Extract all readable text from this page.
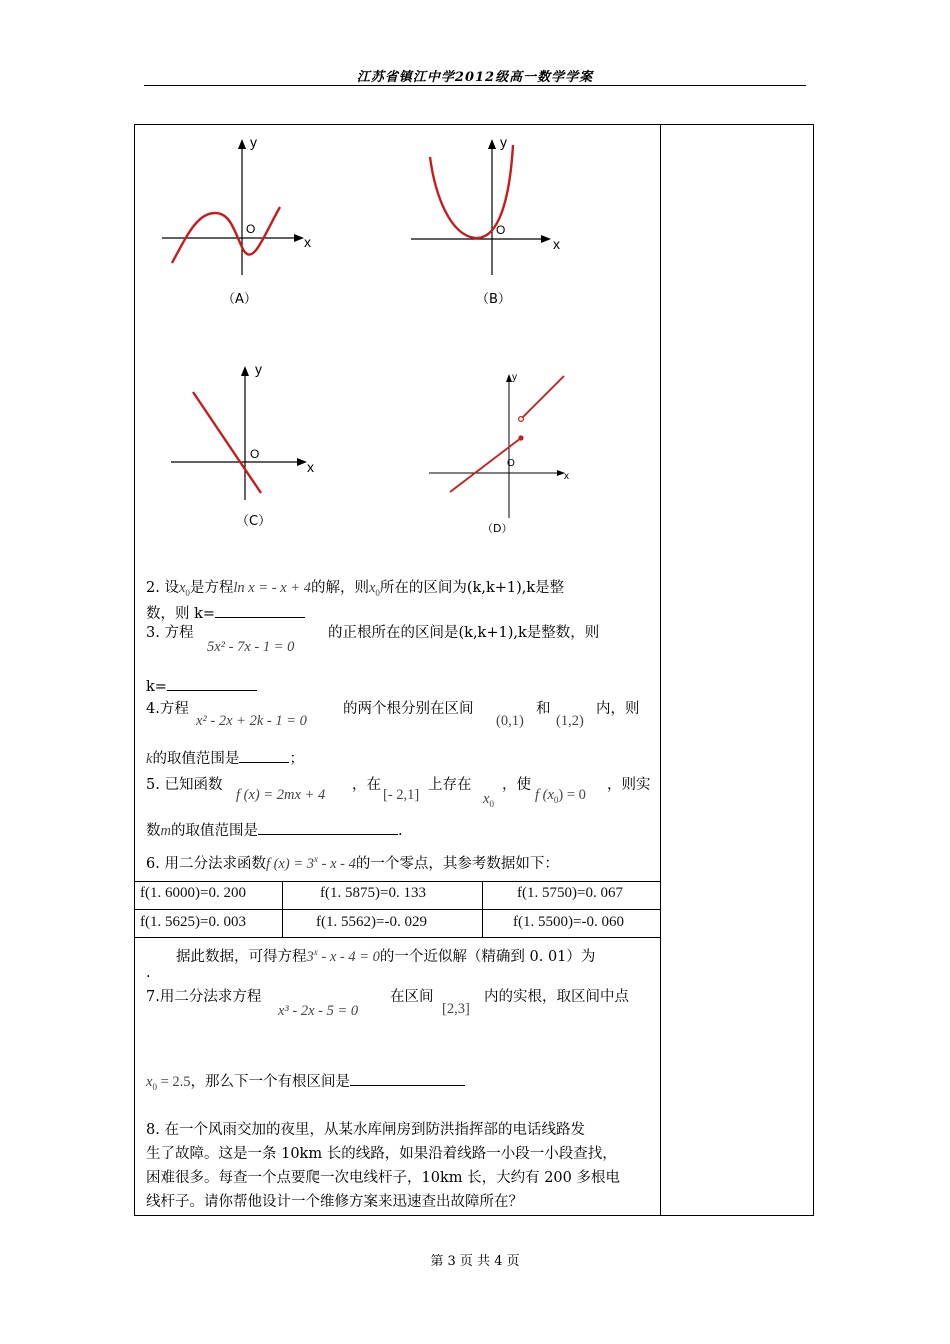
江苏省镇江中学2012级高一数学学案
y
x
O
（A）
y
x
O
（B）
y
x
O
（C）
y
x
O
（D）
2. 设$x_0$是方程ln x = - x + 4的解，则$x_0$所在的区间为(k,k+1),k是整
数，则 k=
3. 方程
5x² - 7x - 1 = 0
的正根所在的区间是(k,k+1),k是整数，则
k=
4.方程
x² - 2x + 2k - 1 = 0
的两个根分别在区间
(0,1)
和
(1,2)
内，则
k的取值范围是	；
5. 已知函数
f (x) = 2mx + 4
，在
[- 2,1]
上存在
$x_0$
，使
f $(x_0) = 0$
，则实
数m的取值范围是	.
6. 用二分法求函数f $(x) = 3^x - x - 4$的一个零点，其参考数据如下：
f(1. 6000)=0. 200	f(1. 5875)=0. 133	f(1. 5750)=0. 067
f(1. 5625)=0. 003	f(1. 5562)=-0. 029	f(1. 5500)=-0. 060
据此数据，可得方程3$^x$ - x - 4 = 0的一个近似解（精确到 0. 01）为
.
7.用二分法求方程
x³ - 2x - 5 = 0
在区间
[2,3]
内的实根，取区间中点
$x_0 = 2.5$，那么下一个有根区间是
8. 在一个风雨交加的夜里，从某水库闸房到防洪指挥部的电话线路发
生了故障。这是一条 10km 长的线路，如果沿着线路一小段一小段查找，
困难很多。每查一个点要爬一次电线杆子，10km 长，大约有 200 多根电
线杆子。请你帮他设计一个维修方案来迅速查出故障所在？
第 3 页 共 4 页
